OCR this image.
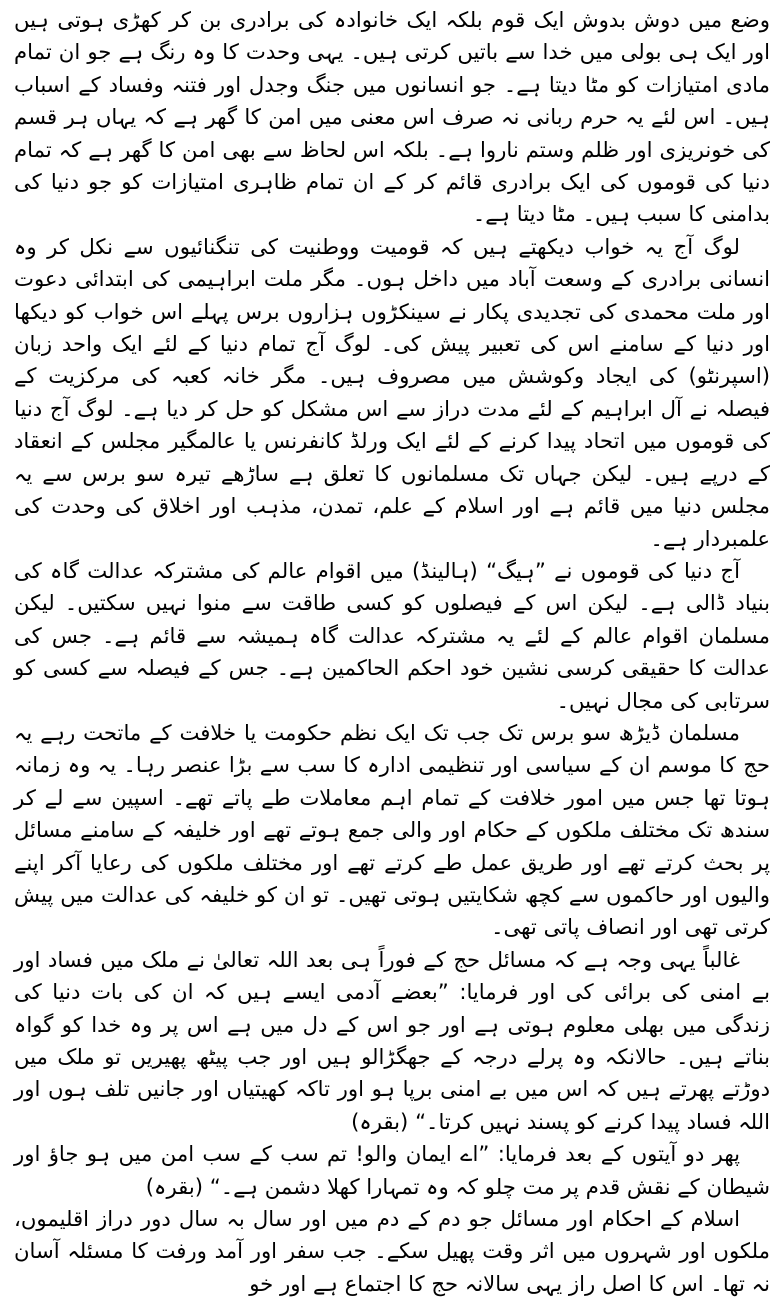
وضع میں دوش بدوش ایک قوم بلکہ ایک خانوادہ کی برادری بن کر کھڑی ہوتی ہیں اور ایک ہی بولی میں خدا سے باتیں کرتی ہیں۔ یہی وحدت کا وہ رنگ ہے جو ان تمام مادی امتیازات کو مٹا دیتا ہے۔ جو انسانوں میں جنگ وجدل اور فتنہ وفساد کے اسباب ہیں۔ اس لئے یہ حرم ربانی نہ صرف اس معنی میں امن کا گھر ہے کہ یہاں ہر قسم کی خونریزی اور ظلم وستم ناروا ہے۔ بلکہ اس لحاظ سے بھی امن کا گھر ہے کہ تمام دنیا کی قوموں کی ایک برادری قائم کر کے ان تمام ظاہری امتیازات کو جو دنیا کی بدامنی کا سبب ہیں۔ مٹا دیتا ہے۔

لوگ آج یہ خواب دیکھتے ہیں کہ قومیت ووطنیت کی تنگنائیوں سے نکل کر وہ انسانی برادری کے وسعت آباد میں داخل ہوں۔ مگر ملت ابراہیمی کی ابتدائی دعوت اور ملت محمدی کی تجدیدی پکار نے سینکڑوں ہزاروں برس پہلے اس خواب کو دیکھا اور دنیا کے سامنے اس کی تعبیر پیش کی۔ لوگ آج تمام دنیا کے لئے ایک واحد زبان (اسپرنٹو) کی ایجاد وکوشش میں مصروف ہیں۔ مگر خانہ کعبہ کی مرکزیت کے فیصلہ نے آل ابراہیم کے لئے مدت دراز سے اس مشکل کو حل کر دیا ہے۔ لوگ آج دنیا کی قوموں میں اتحاد پیدا کرنے کے لئے ایک ورلڈ کانفرنس یا عالمگیر مجلس کے انعقاد کے درپے ہیں۔ لیکن جہاں تک مسلمانوں کا تعلق ہے ساڑھے تیرہ سو برس سے یہ مجلس دنیا میں قائم ہے اور اسلام کے علم، تمدن، مذہب اور اخلاق کی وحدت کی علمبردار ہے۔

آج دنیا کی قوموں نے ”ہیگ“ (ہالینڈ) میں اقوام عالم کی مشترکہ عدالت گاہ کی بنیاد ڈالی ہے۔ لیکن اس کے فیصلوں کو کسی طاقت سے منوا نہیں سکتیں۔ لیکن مسلمان اقوام عالم کے لئے یہ مشترکہ عدالت گاہ ہمیشہ سے قائم ہے۔ جس کی عدالت کا حقیقی کرسی نشین خود احکم الحاکمین ہے۔ جس کے فیصلہ سے کسی کو سرتابی کی مجال نہیں۔

مسلمان ڈیڑھ سو برس تک جب تک ایک نظم حکومت یا خلافت کے ماتحت رہے یہ حج کا موسم ان کے سیاسی اور تنظیمی ادارہ کا سب سے بڑا عنصر رہا۔ یہ وہ زمانہ ہوتا تھا جس میں امور خلافت کے تمام اہم معاملات طے پاتے تھے۔ اسپین سے لے کر سندھ تک مختلف ملکوں کے حکام اور والی جمع ہوتے تھے اور خلیفہ کے سامنے مسائل پر بحث کرتے تھے اور طریق عمل طے کرتے تھے اور مختلف ملکوں کی رعایا آکر اپنے والیوں اور حاکموں سے کچھ شکایتیں ہوتی تھیں۔ تو ان کو خلیفہ کی عدالت میں پیش کرتی تھی اور انصاف پاتی تھی۔

غالباً یہی وجہ ہے کہ مسائل حج کے فوراً ہی بعد اللہ تعالیٰ نے ملک میں فساد اور بے امنی کی برائی کی اور فرمایا: ”بعضے آدمی ایسے ہیں کہ ان کی بات دنیا کی زندگی میں بھلی معلوم ہوتی ہے اور جو اس کے دل میں ہے اس پر وہ خدا کو گواہ بناتے ہیں۔ حالانکہ وہ پرلے درجہ کے جھگڑالو ہیں اور جب پیٹھ پھیریں تو ملک میں دوڑتے پھرتے ہیں کہ اس میں بے امنی برپا ہو اور تاکہ کھیتیاں اور جانیں تلف ہوں اور اللہ فساد پیدا کرنے کو پسند نہیں کرتا۔“ (بقرہ)

پھر دو آیتوں کے بعد فرمایا: ”اے ایمان والو! تم سب کے سب امن میں ہو جاؤ اور شیطان کے نقش قدم پر مت چلو کہ وہ تمہارا کھلا دشمن ہے۔“ (بقرہ)

اسلام کے احکام اور مسائل جو دم کے دم میں اور سال بہ سال دور دراز اقلیموں، ملکوں اور شہروں میں اثر وقت پھیل سکے۔ جب سفر اور آمد ورفت کا مسئلہ آسان نہ تھا۔ اس کا اصل راز یہی سالانہ حج کا اجتماع ہے اور خو
